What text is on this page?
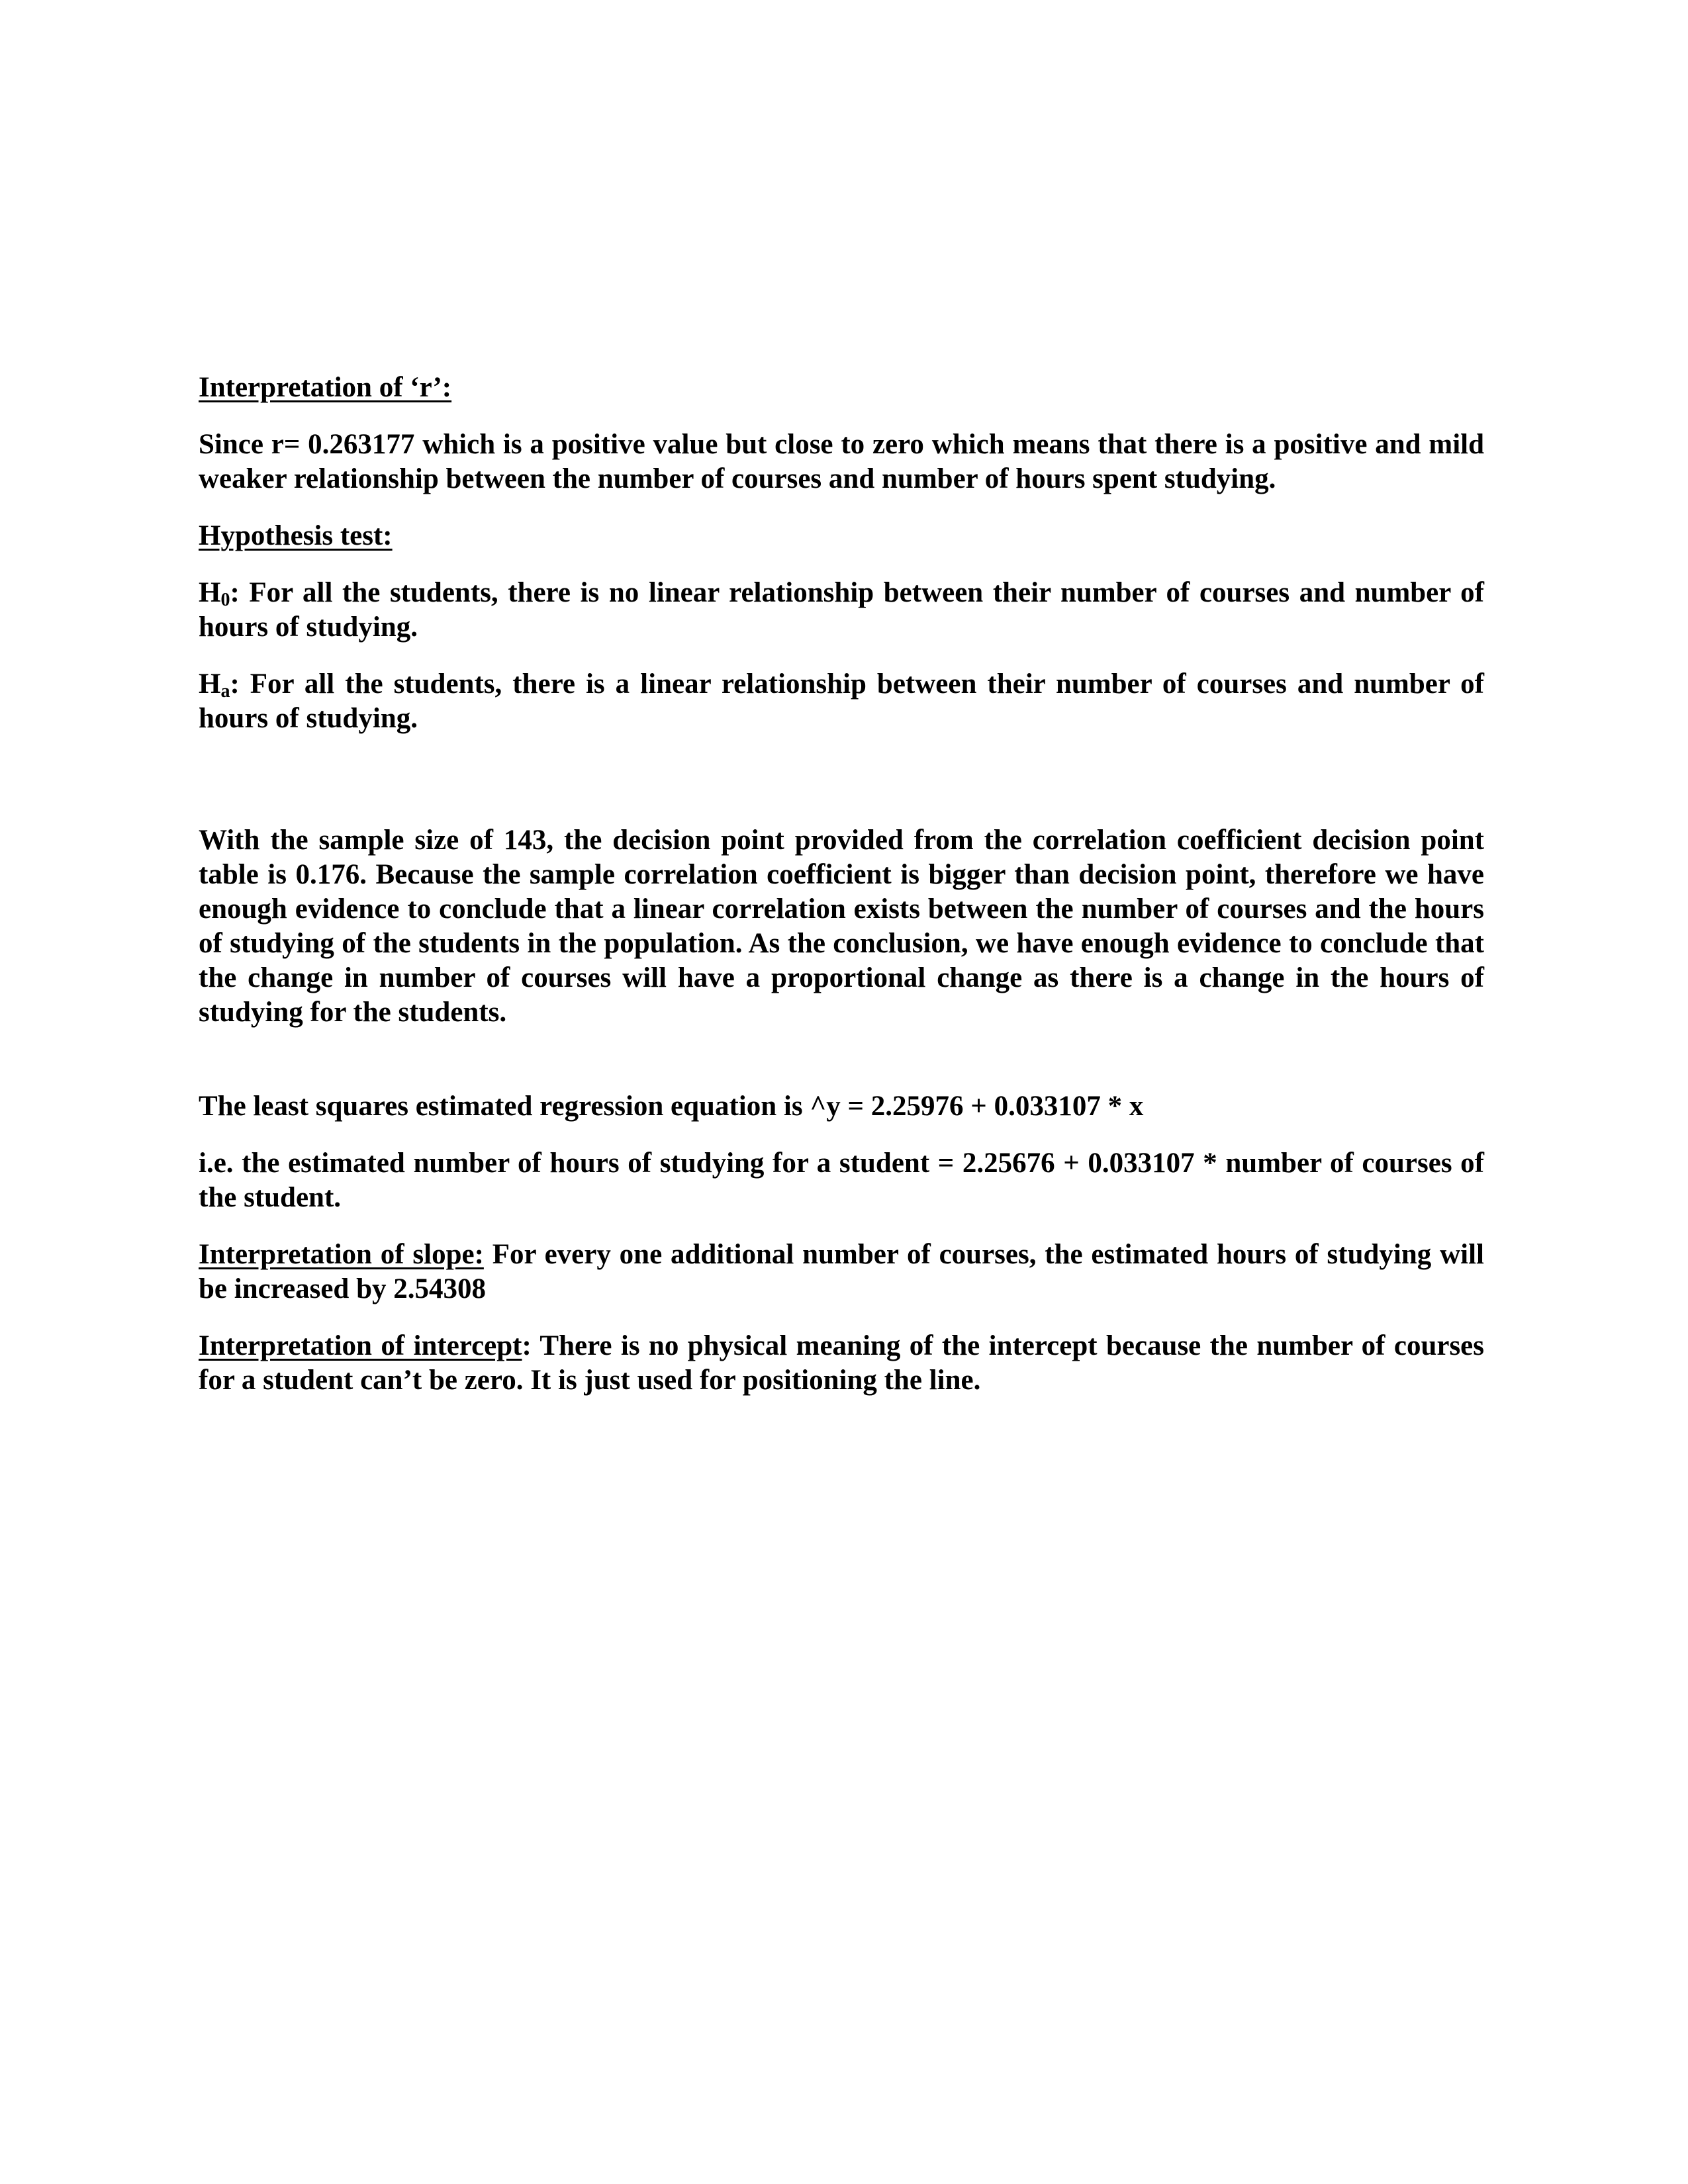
Interpretation of ‘r’:

Since r= 0.263177 which is a positive value but close to zero which means that there is a positive and mild weaker relationship between the number of courses and number of hours spent studying.

Hypothesis test:

$H_0$: For all the students, there is no linear relationship between their number of courses and number of hours of studying.

$H_a$: For all the students, there is a linear relationship between their number of courses and number of hours of studying.

With the sample size of 143, the decision point provided from the correlation coefficient decision point table is 0.176. Because the sample correlation coefficient is bigger than decision point, therefore we have enough evidence to conclude that a linear correlation exists between the number of courses and the hours of studying of the students in the population. As the conclusion, we have enough evidence to conclude that the change in number of courses will have a proportional change as there is a change in the hours of studying for the students.

The least squares estimated regression equation is ^y = 2.25976 + 0.033107 * x

i.e. the estimated number of hours of studying for a student = 2.25676 + 0.033107 * number of courses of the student.

Interpretation of slope: For every one additional number of courses, the estimated hours of studying will be increased by 2.54308

Interpretation of intercept: There is no physical meaning of the intercept because the number of courses for a student can’t be zero. It is just used for positioning the line.
